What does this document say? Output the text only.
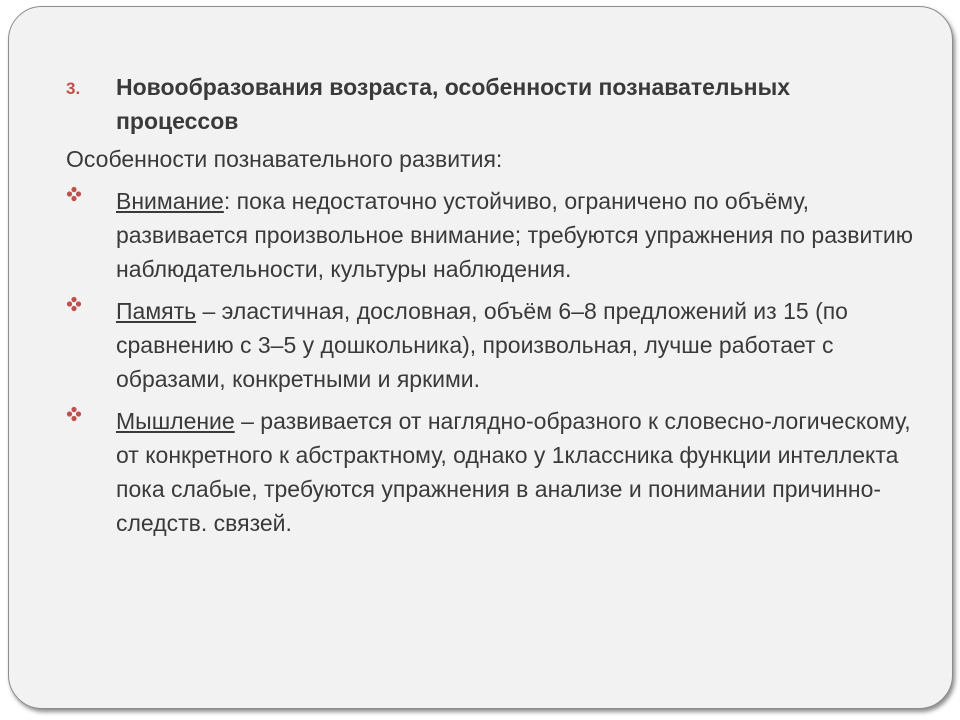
3.	Новообразования возраста, особенности познавательных процессов
Особенности познавательного развития:
Внимание: пока недостаточно устойчиво, ограничено по объёму, развивается произвольное внимание; требуются упражнения по развитию наблюдательности, культуры наблюдения.
Память – эластичная, дословная, объём 6–8 предложений из 15 (по сравнению с 3–5 у дошкольника), произвольная, лучше работает с образами, конкретными и яркими.
Мышление – развивается от наглядно-образного к словесно-логическому, от конкретного к абстрактному, однако у 1классника функции интеллекта пока слабые, требуются упражнения в анализе и понимании причинно-следств. связей.
